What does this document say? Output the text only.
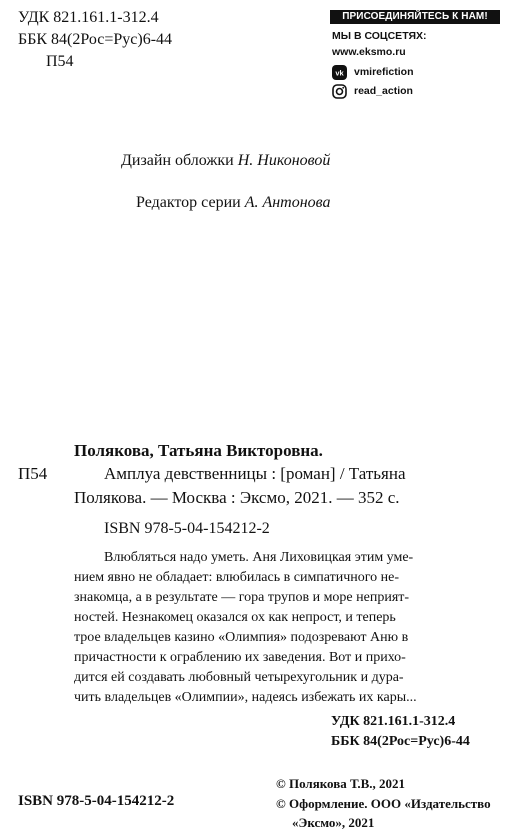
УДК 821.161.1-312.4
ББК 84(2Рос=Рус)6-44
П54
ПРИСОЕДИНЯЙТЕСЬ К НАМ!
МЫ В СОЦСЕТЯХ:
www.eksmo.ru
vk vmirefiction
read_action
Дизайн обложки Н. Никоновой
Редактор серии А. Антонова
Полякова, Татьяна Викторовна.
П54	Амплуа девственницы : [роман] / Татьяна
Полякова. — Москва : Эксмо, 2021. — 352 с.
ISBN 978-5-04-154212-2
Влюбляться надо уметь. Аня Лиховицкая этим уме-
нием явно не обладает: влюбилась в симпатичного не-
знакомца, а в результате — гора трупов и море неприят-
ностей. Незнакомец оказался ох как непрост, и теперь
трое владельцев казино «Олимпия» подозревают Аню в
причастности к ограблению их заведения. Вот и прихо-
дится ей создавать любовный четырехугольник и дура-
чить владельцев «Олимпии», надеясь избежать их кары...
УДК 821.161.1-312.4
ББК 84(2Рос=Рус)6-44
ISBN 978-5-04-154212-2
© Полякова Т.В., 2021
© Оформление. ООО «Издательство
«Эксмо», 2021
